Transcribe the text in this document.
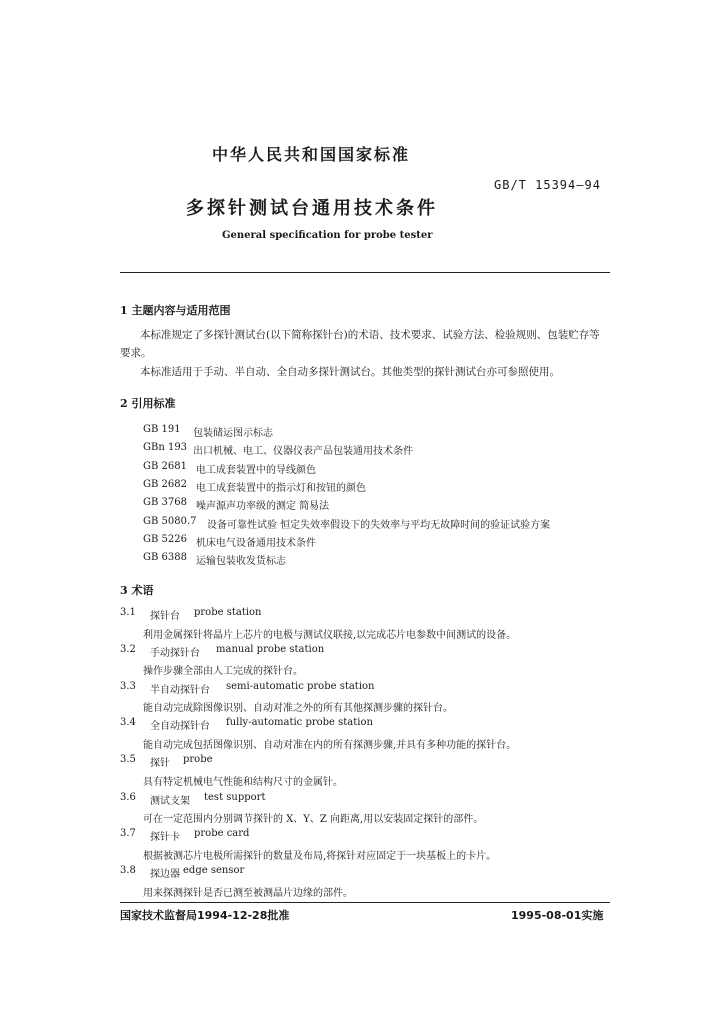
中华人民共和国国家标准
GB/T 15394—94
多探针测试台通用技术条件
General specification for probe tester
1 主题内容与适用范围
本标准规定了多探针测试台(以下简称探针台)的术语、技术要求、试验方法、检验规则、包装贮存等
要求。
本标准适用于手动、半自动、全自动多探针测试台。其他类型的探针测试台亦可参照使用。
2 引用标准
GB 191 包装储运图示标志
GBn 193 出口机械、电工、仪器仪表产品包装通用技术条件
GB 2681 电工成套装置中的导线颜色
GB 2682 电工成套装置中的指示灯和按钮的颜色
GB 3768 噪声源声功率级的测定 简易法
GB 5080.7 设备可靠性试验 恒定失效率假设下的失效率与平均无故障时间的验证试验方案
GB 5226 机床电气设备通用技术条件
GB 6388 运输包装收发货标志
3 术语
3.1 探针台 probe station
利用金属探针将晶片上芯片的电极与测试仪联接,以完成芯片电参数中间测试的设备。
3.2 手动探针台 manual probe station
操作步骤全部由人工完成的探针台。
3.3 半自动探针台 semi-automatic probe station
能自动完成除图像识别、自动对准之外的所有其他探测步骤的探针台。
3.4 全自动探针台 fully-automatic probe station
能自动完成包括图像识别、自动对准在内的所有探测步骤,并具有多种功能的探针台。
3.5 探针 probe
具有特定机械电气性能和结构尺寸的金属针。
3.6 测试支架 test support
可在一定范围内分别调节探针的 X、Y、Z 向距离,用以安装固定探针的部件。
3.7 探针卡 probe card
根据被测芯片电极所需探针的数量及布局,将探针对应固定于一块基板上的卡片。
3.8 探边器 edge sensor
用来探测探针是否已测至被测晶片边缘的部件。
国家技术监督局1994-12-28批准	1995-08-01实施
